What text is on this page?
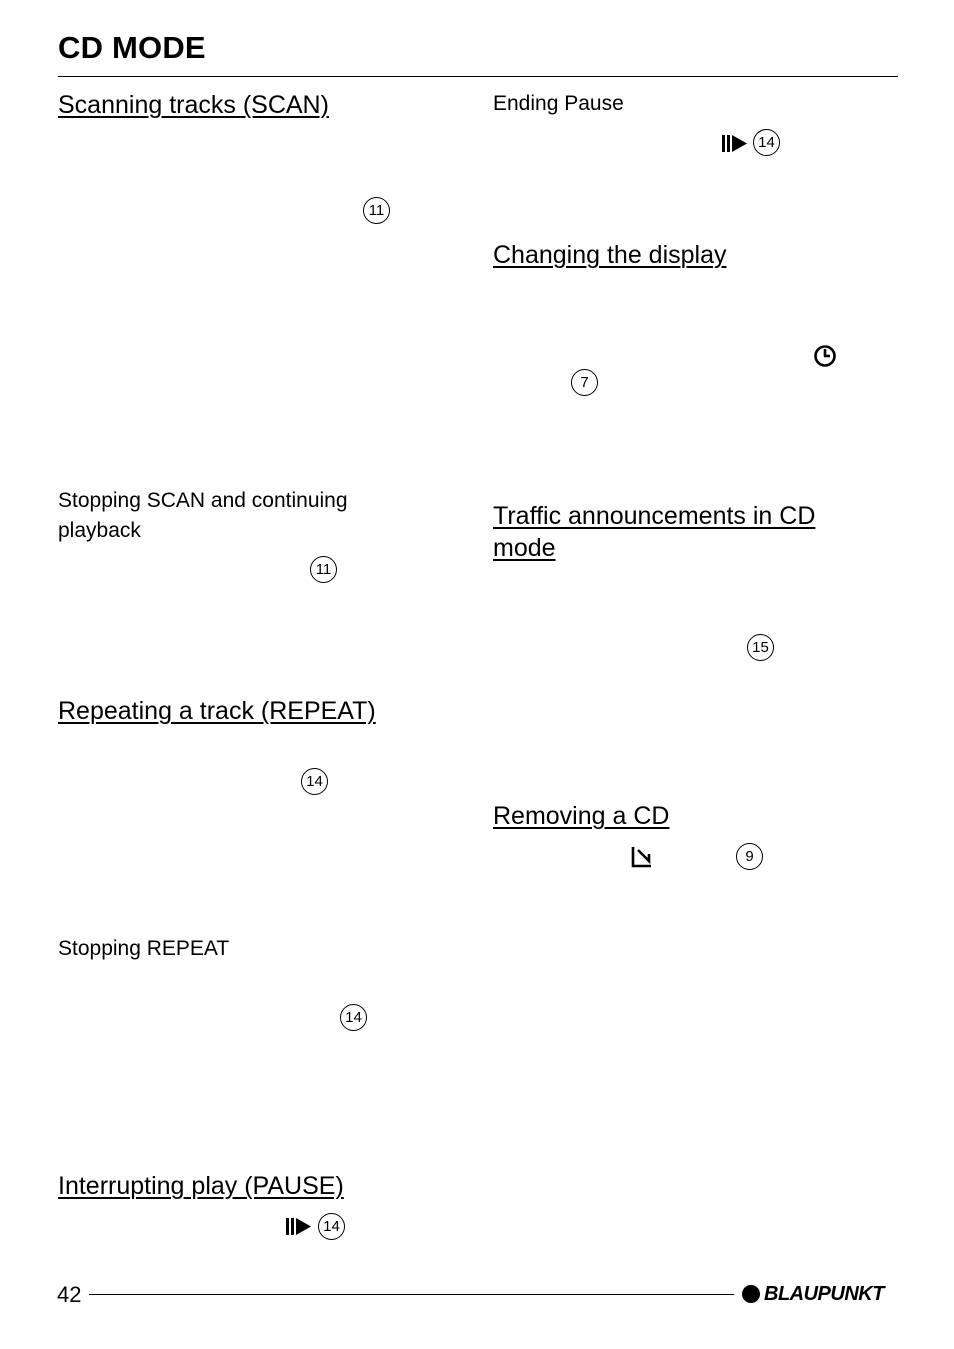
CD MODE
Scanning tracks (SCAN)
11
Stopping SCAN and continuing
playback
11
Repeating a track (REPEAT)
14
Stopping REPEAT
14
Interrupting play (PAUSE)
14
Ending Pause
14
Changing the display
7
Traffic announcements in CD
mode
15
Removing a CD
9
42	BLAUPUNKT
